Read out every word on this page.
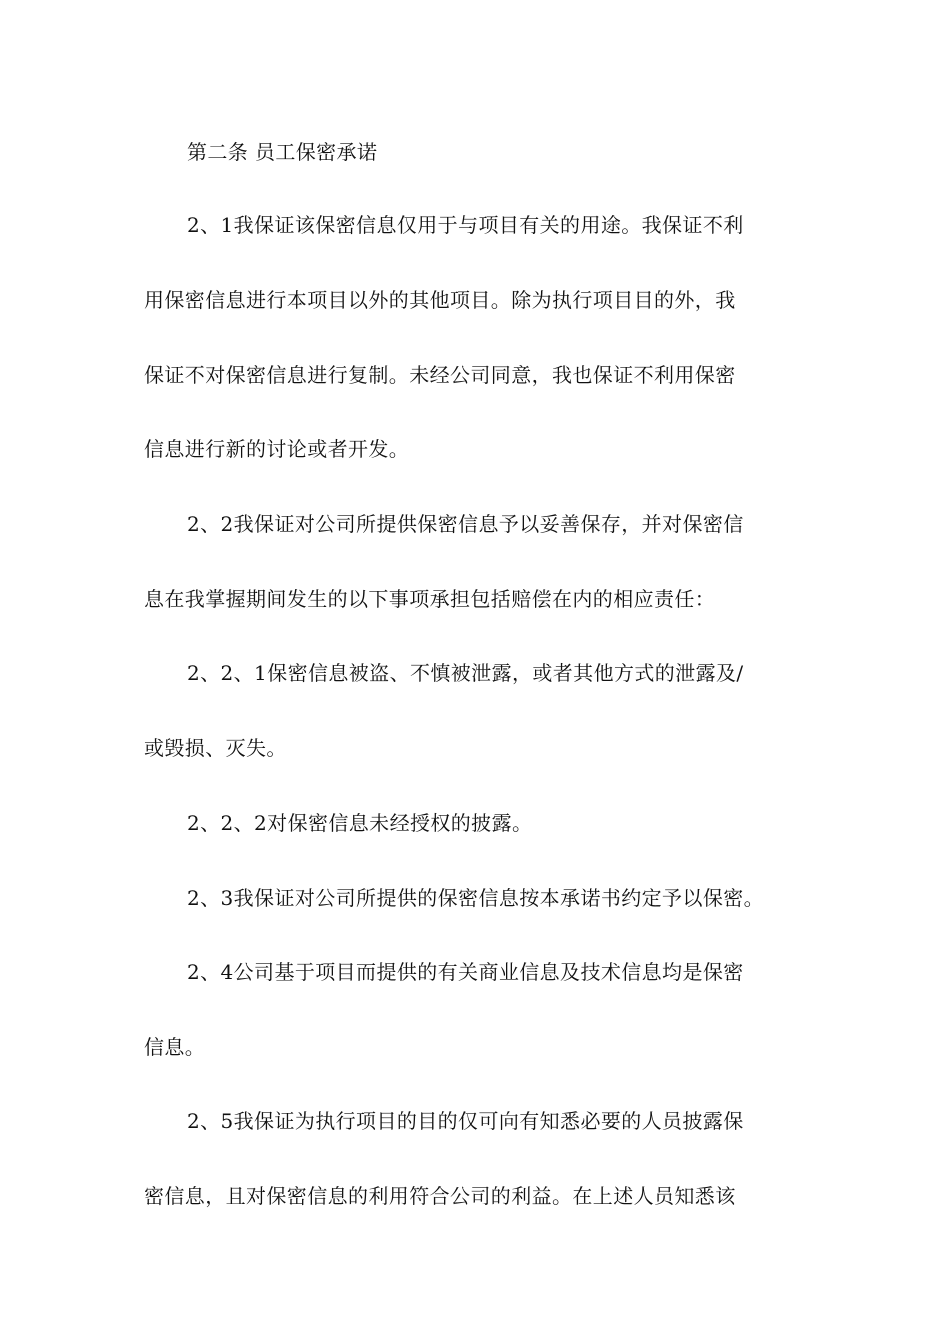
第二条 员工保密承诺

2、1我保证该保密信息仅用于与项目有关的用途。我保证不利

用保密信息进行本项目以外的其他项目。除为执行项目目的外，我

保证不对保密信息进行复制。未经公司同意，我也保证不利用保密

信息进行新的讨论或者开发。

2、2我保证对公司所提供保密信息予以妥善保存，并对保密信

息在我掌握期间发生的以下事项承担包括赔偿在内的相应责任：

2、2、1保密信息被盗、不慎被泄露，或者其他方式的泄露及/

或毁损、灭失。

2、2、2对保密信息未经授权的披露。

2、3我保证对公司所提供的保密信息按本承诺书约定予以保密。

2、4公司基于项目而提供的有关商业信息及技术信息均是保密

信息。

2、5我保证为执行项目的目的仅可向有知悉必要的人员披露保

密信息，且对保密信息的利用符合公司的利益。在上述人员知悉该
